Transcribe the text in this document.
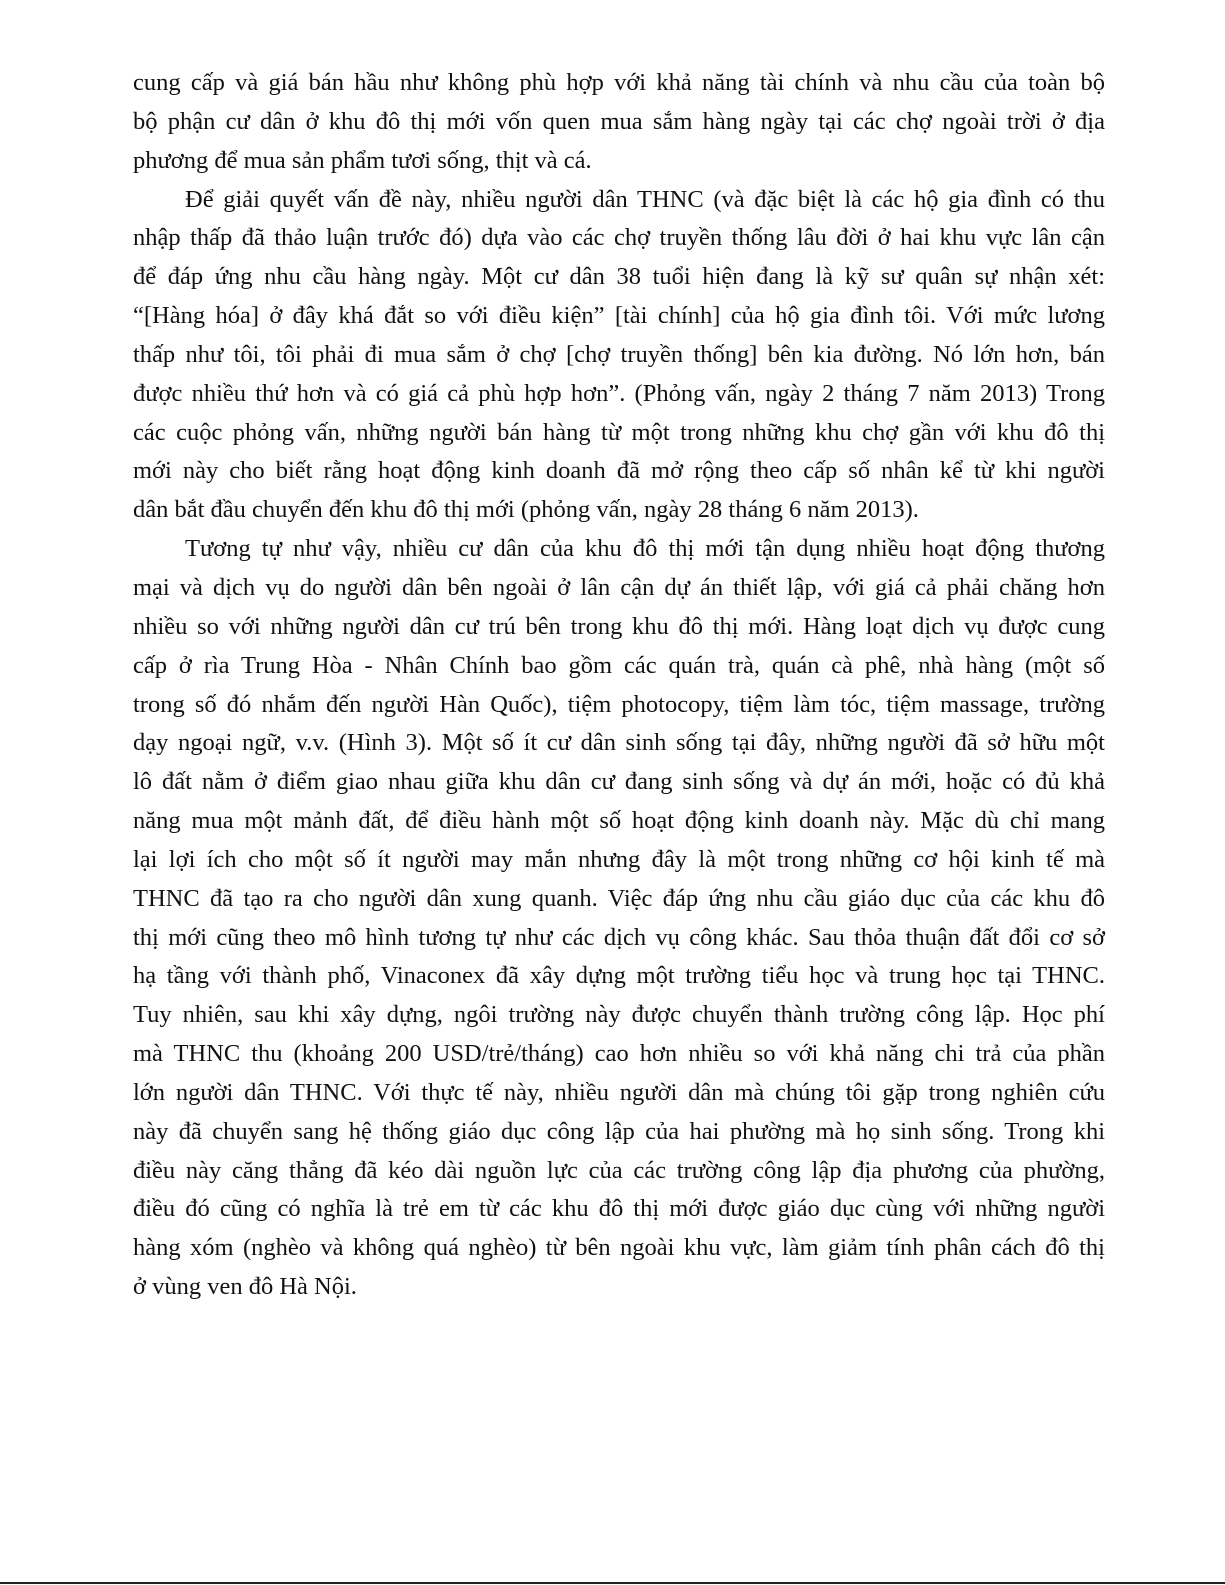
cung cấp và giá bán hầu như không phù hợp với khả năng tài chính và nhu cầu của toàn bộ
bộ phận cư dân ở khu đô thị mới vốn quen mua sắm hàng ngày tại các chợ ngoài trời ở địa
phương để mua sản phẩm tươi sống, thịt và cá.
Để giải quyết vấn đề này, nhiều người dân THNC (và đặc biệt là các hộ gia đình có thu
nhập thấp đã thảo luận trước đó) dựa vào các chợ truyền thống lâu đời ở hai khu vực lân cận
để đáp ứng nhu cầu hàng ngày. Một cư dân 38 tuổi hiện đang là kỹ sư quân sự nhận xét:
“[Hàng hóa] ở đây khá đắt so với điều kiện” [tài chính] của hộ gia đình tôi. Với mức lương
thấp như tôi, tôi phải đi mua sắm ở chợ [chợ truyền thống] bên kia đường. Nó lớn hơn, bán
được nhiều thứ hơn và có giá cả phù hợp hơn”. (Phỏng vấn, ngày 2 tháng 7 năm 2013) Trong
các cuộc phỏng vấn, những người bán hàng từ một trong những khu chợ gần với khu đô thị
mới này cho biết rằng hoạt động kinh doanh đã mở rộng theo cấp số nhân kể từ khi người
dân bắt đầu chuyển đến khu đô thị mới (phỏng vấn, ngày 28 tháng 6 năm 2013).
Tương tự như vậy, nhiều cư dân của khu đô thị mới tận dụng nhiều hoạt động thương
mại và dịch vụ do người dân bên ngoài ở lân cận dự án thiết lập, với giá cả phải chăng hơn
nhiều so với những người dân cư trú bên trong khu đô thị mới. Hàng loạt dịch vụ được cung
cấp ở rìa Trung Hòa - Nhân Chính bao gồm các quán trà, quán cà phê, nhà hàng (một số
trong số đó nhắm đến người Hàn Quốc), tiệm photocopy, tiệm làm tóc, tiệm massage, trường
dạy ngoại ngữ, v.v. (Hình 3). Một số ít cư dân sinh sống tại đây, những người đã sở hữu một
lô đất nằm ở điểm giao nhau giữa khu dân cư đang sinh sống và dự án mới, hoặc có đủ khả
năng mua một mảnh đất, để điều hành một số hoạt động kinh doanh này. Mặc dù chỉ mang
lại lợi ích cho một số ít người may mắn nhưng đây là một trong những cơ hội kinh tế mà
THNC đã tạo ra cho người dân xung quanh. Việc đáp ứng nhu cầu giáo dục của các khu đô
thị mới cũng theo mô hình tương tự như các dịch vụ công khác. Sau thỏa thuận đất đổi cơ sở
hạ tầng với thành phố, Vinaconex đã xây dựng một trường tiểu học và trung học tại THNC.
Tuy nhiên, sau khi xây dựng, ngôi trường này được chuyển thành trường công lập. Học phí
mà THNC thu (khoảng 200 USD/trẻ/tháng) cao hơn nhiều so với khả năng chi trả của phần
lớn người dân THNC. Với thực tế này, nhiều người dân mà chúng tôi gặp trong nghiên cứu
này đã chuyển sang hệ thống giáo dục công lập của hai phường mà họ sinh sống. Trong khi
điều này căng thẳng đã kéo dài nguồn lực của các trường công lập địa phương của phường,
điều đó cũng có nghĩa là trẻ em từ các khu đô thị mới được giáo dục cùng với những người
hàng xóm (nghèo và không quá nghèo) từ bên ngoài khu vực, làm giảm tính phân cách đô thị
ở vùng ven đô Hà Nội.
